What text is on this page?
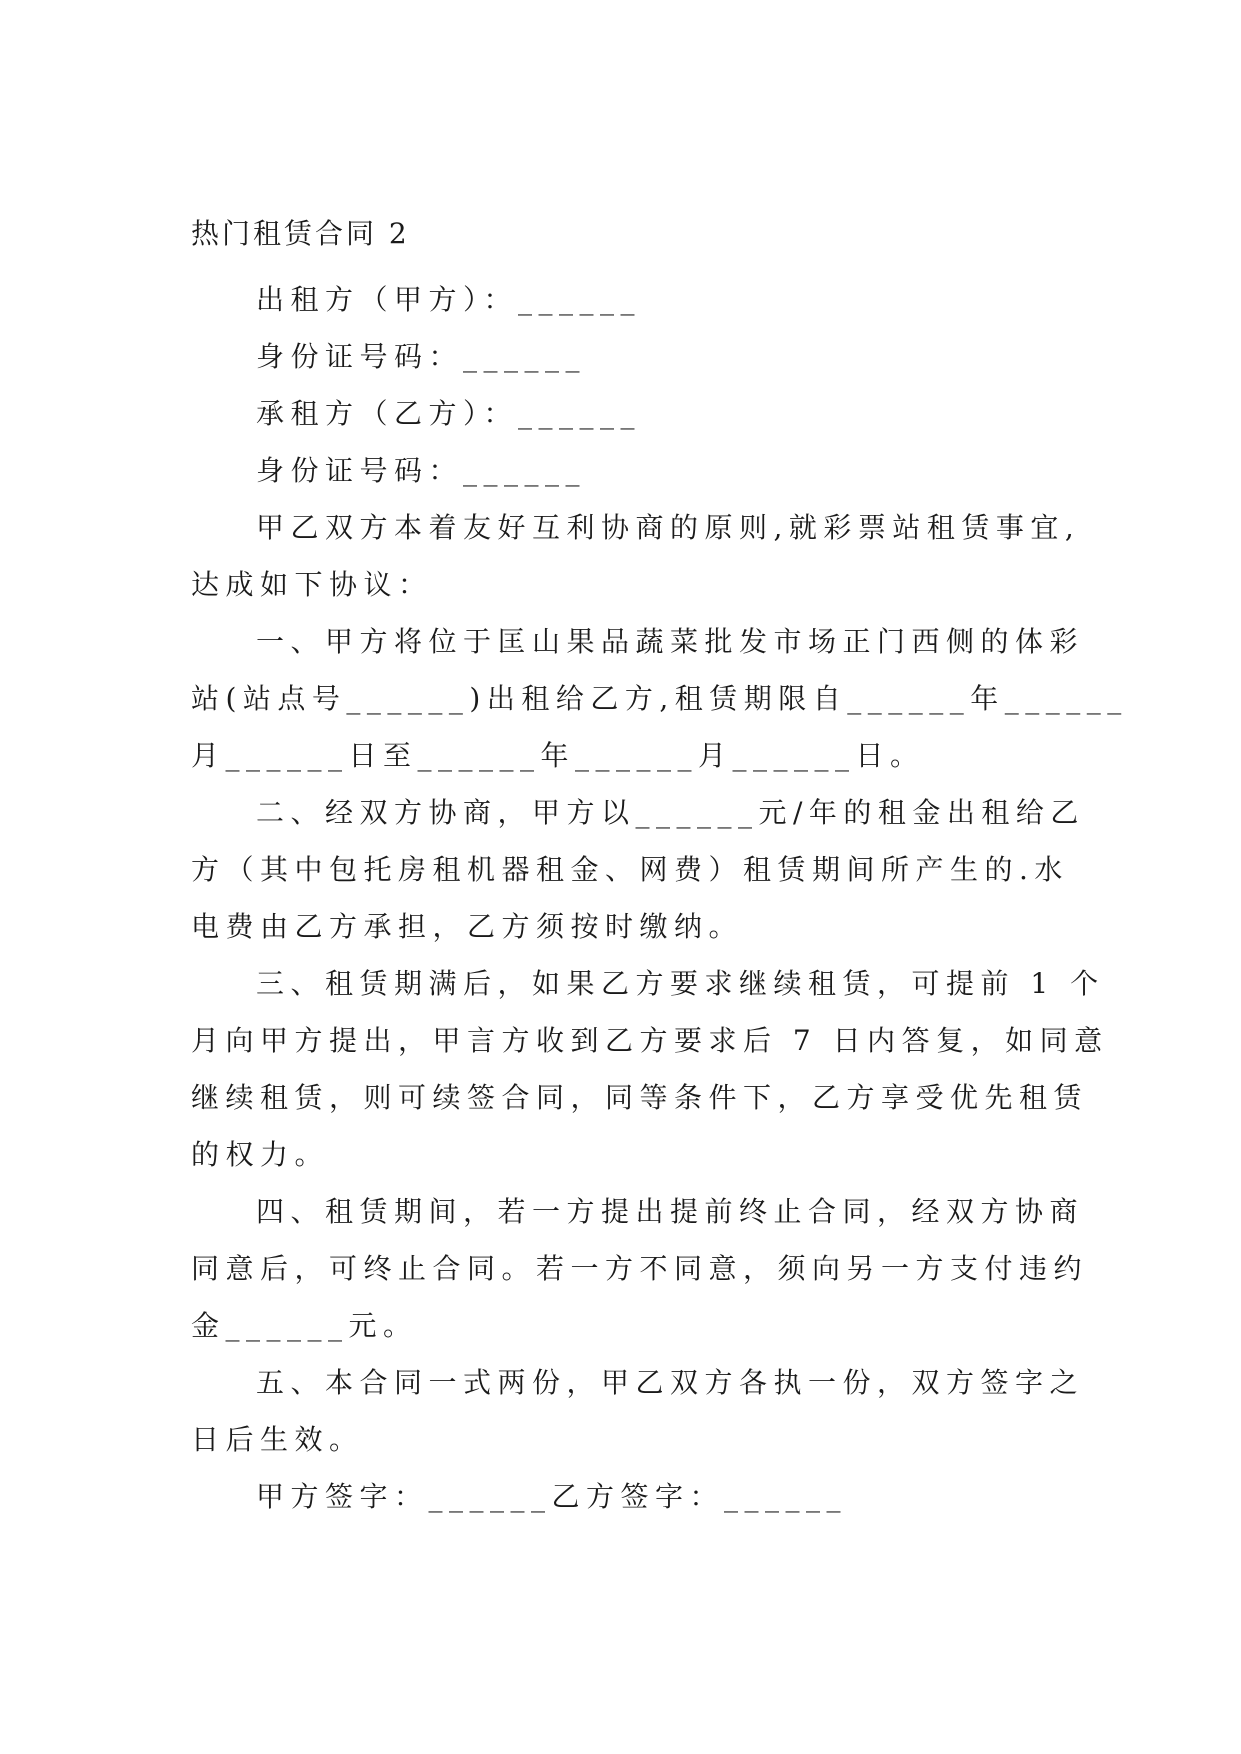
热门租赁合同 2
出租方（甲方）：______
身份证号码：______
承租方（乙方）：______
身份证号码：______
甲乙双方本着友好互利协商的原则,就彩票站租赁事宜,
达成如下协议：
一、甲方将位于匡山果品蔬菜批发市场正门西侧的体彩
站(站点号______)出租给乙方,租赁期限自______年______
月______日至______年______月______日。
二、经双方协商，甲方以______元/年的租金出租给乙
方（其中包托房租机器租金、网费）租赁期间所产生的.水
电费由乙方承担，乙方须按时缴纳。
三、租赁期满后，如果乙方要求继续租赁，可提前 1 个
月向甲方提出，甲言方收到乙方要求后 7 日内答复，如同意
继续租赁，则可续签合同，同等条件下，乙方享受优先租赁
的权力。
四、租赁期间，若一方提出提前终止合同，经双方协商
同意后，可终止合同。若一方不同意，须向另一方支付违约
金______元。
五、本合同一式两份，甲乙双方各执一份，双方签字之
日后生效。
甲方签字：______乙方签字：______
